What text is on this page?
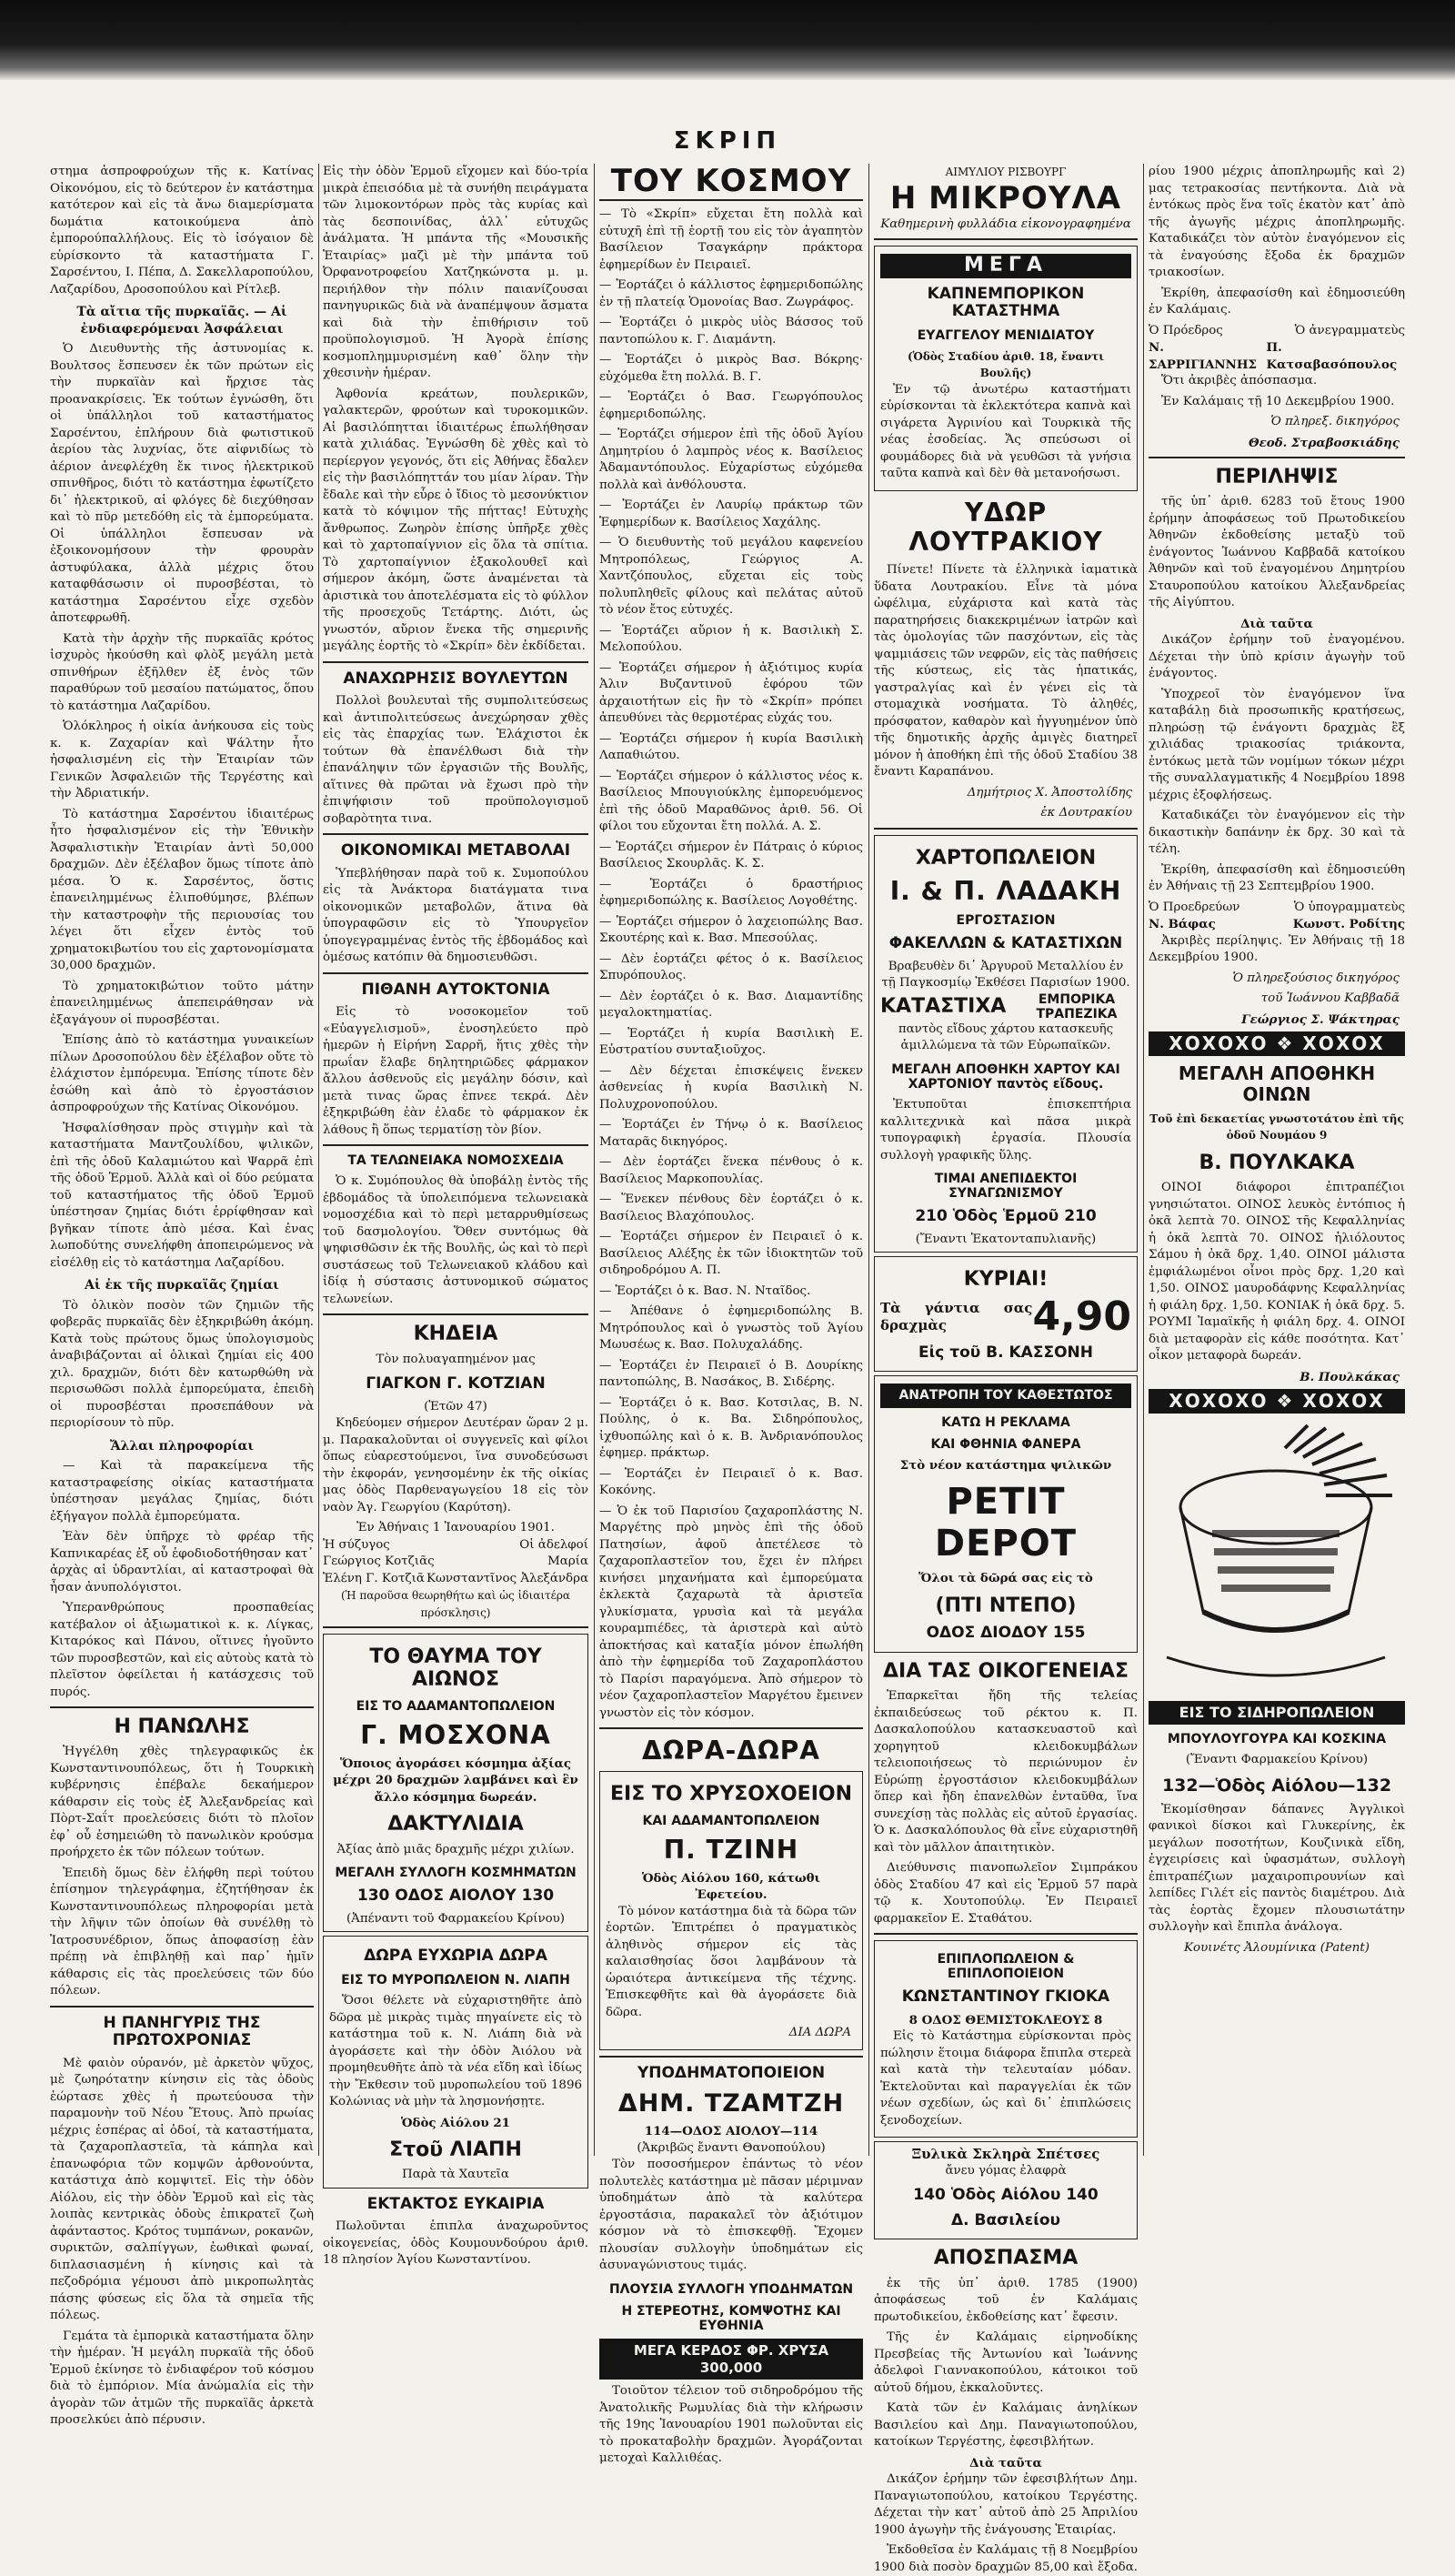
ΣΚΡΙΠ

στημα ἀσπροφρούχων τῆς κ. Κατίνας Οἰκονόμου, εἰς τὸ δεύτερον ἐν κατάστημα κατότερον καὶ εἰς τὰ ἄνω διαμερίσματα δωμάτια κατοικούμενα ἀπὸ ἐμπορούπαλλήλους. Εἰς τὸ ἰσόγαιον δὲ εὑρίσκοντο τὰ καταστήματα Γ. Σαρσέντου, Ι. Πέπα, Δ. Σακελλαροπούλου, Λαζαρίδου, Δροσοπούλου καὶ Ρίτλεβ.

Τὰ αἴτια τῆς πυρκαϊᾶς. — Αἱ ἐνδιαφερόμεναι Ἀσφάλειαι

Ὁ Διευθυντὴς τῆς ἀστυνομίας κ. Βουλτσος ἔσπευσεν ἐκ τῶν πρώτων εἰς τὴν πυρκαϊὰν καὶ ἤρχισε τὰς προανακρίσεις. Ἐκ τούτων ἐγνώσθη, ὅτι οἱ ὑπάλληλοι τοῦ καταστήματος Σαρσέντου, ἐπλήρουν διὰ φωτιστικοῦ ἀερίου τὰς λυχνίας, ὅτε αἰφνιδίως τὸ ἀέριον ἀνεφλέχθη ἔκ τινος ἠλεκτρικοῦ σπινθῆρος, διότι τὸ κατάστημα ἐφωτίζετο δι᾽ ἠλεκτρικοῦ, αἱ φλόγες δὲ διεχύθησαν καὶ τὸ πῦρ μετεδόθη εἰς τὰ ἐμπορεύματα. Οἱ ὑπάλληλοι ἔσπευσαν νὰ ἐξοικονομήσουν τὴν φρουρὰν ἀστυφύλακα, ἀλλὰ μέχρις ὅτου καταφθάσωσιν οἱ πυροσβέσται, τὸ κατάστημα Σαρσέντου εἶχε σχεδὸν ἀποτεφρωθῆ.

Κατὰ τὴν ἀρχὴν τῆς πυρκαϊᾶς κρότος ἰσχυρὸς ἠκούσθη καὶ φλὸξ μεγάλη μετὰ σπινθήρων ἐξῆλθεν ἐξ ἑνὸς τῶν παραθύρων τοῦ μεσαίου πατώματος, ὅπου τὸ κατάστημα Λαζαρίδου.

Ὁλόκληρος ἡ οἰκία ἀνήκουσα εἰς τοὺς κ. κ. Ζαχαρίαν καὶ Ψάλτην ἦτο ἠσφαλισμένη εἰς τὴν Ἑταιρίαν τῶν Γενικῶν Ἀσφαλειῶν τῆς Τεργέστης καὶ τὴν Ἀδριατικήν.

Τὸ κατάστημα Σαρσέντου ἰδιαιτέρως ἦτο ἠσφαλισμένον εἰς τὴν Ἐθνικὴν Ἀσφαλιστικὴν Ἑταιρίαν ἀντὶ 50,000 δραχμῶν. Δὲν ἐξέλαβον ὅμως τίποτε ἀπὸ μέσα. Ὁ κ. Σαρσέντος, ὅστις ἐπανειλημμένως ἐλιποθύμησε, βλέπων τὴν καταστροφὴν τῆς περιουσίας του λέγει ὅτι εἶχεν ἐντὸς τοῦ χρηματοκιβωτίου του εἰς χαρτονομίσματα 30,000 δραχμῶν.

Τὸ χρηματοκιβώτιον τοῦτο μάτην ἐπανειλημμένως ἀπεπειράθησαν νὰ ἐξαγάγουν οἱ πυροσβέσται.

Ἐπίσης ἀπὸ τὸ κατάστημα γυναικείων πίλων Δροσοπούλου δὲν ἐξέλαβον οὔτε τὸ ἐλάχιστον ἐμπόρευμα. Ἐπίσης τίποτε δὲν ἐσώθη καὶ ἀπὸ τὸ ἐργοστάσιον ἀσπροφρούχων τῆς Κατίνας Οἰκονόμου.

Ἠσφαλίσθησαν πρὸς στιγμὴν καὶ τὰ καταστήματα Μαντζουλίδου, ψιλικῶν, ἐπὶ τῆς ὁδοῦ Καλαμιώτου καὶ Ψαρρᾶ ἐπὶ τῆς ὁδοῦ Ἑρμοῦ. Ἀλλὰ καὶ οἱ δύο ρεύματα τοῦ καταστήματος τῆς ὁδοῦ Ἑρμοῦ ὑπέστησαν ζημίας διότι ἐρρίφθησαν καὶ βγῆκαν τίποτε ἀπὸ μέσα. Καὶ ἐνας λωποδύτης συνελήφθη ἀποπειρώμενος νὰ εἰσέλθῃ εἰς τὸ κατάστημα Λαζαρίδου.

Αἱ ἐκ τῆς πυρκαϊᾶς ζημίαι

Τὸ ὁλικὸν ποσὸν τῶν ζημιῶν τῆς φοβερᾶς πυρκαϊᾶς δὲν ἐξηκριβώθη ἀκόμη. Κατὰ τοὺς πρώτους ὅμως ὑπολογισμοὺς ἀναβιβάζονται αἱ ὁλικαὶ ζημίαι εἰς 400 χιλ. δραχμῶν, διότι δὲν κατωρθώθη νὰ περισωθῶσι πολλὰ ἐμπορεύματα, ἐπειδὴ οἱ πυροσβέσται προσεπάθουν νὰ περιορίσουν τὸ πῦρ.

Ἄλλαι πληροφορίαι

— Καὶ τὰ παρακείμενα τῆς καταστραφείσης οἰκίας καταστήματα ὑπέστησαν μεγάλας ζημίας, διότι ἐξήγαγον πολλὰ ἐμπορεύματα.

Ἐὰν δὲν ὑπῆρχε τὸ φρέαρ τῆς Καπνικαρέας ἐξ οὗ ἐφοδιοδοτήθησαν κατ᾽ ἀρχὰς αἱ ὑδραντλίαι, αἱ καταστροφαὶ θὰ ἦσαν ἀνυπολόγιστοι.

Ὑπερανθρώπους προσπαθείας κατέβαλον οἱ ἀξιωματικοὶ κ. κ. Λίγκας, Κιταρόκος καὶ Πάνου, οἵτινες ἠγοῦντο τῶν πυροσβεστῶν, καὶ εἰς αὐτοὺς κατὰ τὸ πλεῖστον ὀφείλεται ἡ κατάσχεσις τοῦ πυρός.

Η ΠΑΝΩΛΗΣ

Ἠγγέλθη χθὲς τηλεγραφικῶς ἐκ Κωνσταντινουπόλεως, ὅτι ἡ Τουρκικὴ κυβέρνησις ἐπέβαλε δεκαήμερον κάθαρσιν εἰς τοὺς ἐξ Ἀλεξανδρείας καὶ Πὸρτ-Σαΐτ προελεύσεις διότι τὸ πλοῖον ἐφ᾽ οὗ ἐσημειώθη τὸ πανωλικὸν κρούσμα προήρχετο ἐκ τῶν πόλεων τούτων.

Ἐπειδὴ ὅμως δὲν ἐλήφθη περὶ τούτου ἐπίσημον τηλεγράφημα, ἐζητήθησαν ἐκ Κωνσταντινουπόλεως πληροφορίαι μετὰ τὴν λῆψιν τῶν ὁποίων θὰ συνέλθῃ τὸ Ἰατροσυνέδριον, ὅπως ἀποφασίσῃ ἐὰν πρέπῃ νὰ ἐπιβληθῇ καὶ παρ᾽ ἡμῖν κάθαρσις εἰς τὰς προελεύσεις τῶν δύο πόλεων.

Η ΠΑΝΗΓΥΡΙΣ ΤΗΣ ΠΡΩΤΟΧΡΟΝΙΑΣ

Μὲ φαιὸν οὐρανόν, μὲ ἀρκετὸν ψῦχος, μὲ ζωηρότατην κίνησιν εἰς τὰς ὁδοὺς ἑώρτασε χθὲς ἡ πρωτεύουσα τὴν παραμονὴν τοῦ Νέου Ἔτους. Ἀπὸ πρωίας μέχρις ἑσπέρας αἱ ὁδοί, τὰ καταστήματα, τὰ ζαχαροπλαστεῖα, τὰ κάπηλα καὶ ἐπανωφόρια τῶν κομψῶν ἀρθονούντα, κατάστιχα ἀπὸ κομψιτεῖ. Εἰς τὴν ὁδὸν Αἰόλου, εἰς τὴν ὁδὸν Ἑρμοῦ καὶ εἰς τὰς λοιπὰς κεντρικὰς ὁδοὺς ἐπικρατεῖ ζωὴ ἀφάνταστος. Κρότος τυμπάνων, ροκανῶν, συρικτῶν, σαλπίγγων, ἐωθικαὶ φωναί, διπλασιασμένη ἡ κίνησις καὶ τὰ πεζοδρόμια γέμουσι ἀπὸ μικροπωλητὰς πάσης φύσεως εἰς ὅλα τὰ σημεῖα τῆς πόλεως.

Γεμάτα τὰ ἐμπορικὰ καταστήματα ὅλην τὴν ἡμέραν. Ἡ μεγάλη πυρκαϊὰ τῆς ὁδοῦ Ἑρμοῦ ἐκίνησε τὸ ἐνδιαφέρον τοῦ κόσμου διὰ τὸ ἐμπόριον. Μία ἀνώμαλία εἰς τὴν ἀγορὰν τῶν ἀτμῶν τῆς πυρκαϊᾶς ἀρκετὰ προσελκύει ἀπὸ πέρυσιν.

Εἰς τὴν ὁδὸν Ἑρμοῦ εἴχομεν καὶ δύο-τρία μικρὰ ἐπεισόδια μὲ τὰ συνήθη πειράγματα τῶν λιμοκοντόρων πρὸς τὰς κυρίας καὶ τὰς δεσποινίδας, ἀλλ᾽ εὐτυχῶς ἀνάλματα. Ἡ μπάντα τῆς «Μουσικῆς Ἑταιρίας» μαζὶ μὲ τὴν μπάντα τοῦ Ὀρφανοτροφείου Χατζηκώνστα μ. μ. περιήλθον τὴν πόλιν παιανίζουσαι πανηγυρικῶς διὰ νὰ ἀναπέμψουν ἄσματα καὶ διὰ τὴν ἐπιθήρισιν τοῦ προϋπολογισμοῦ. Ἡ Ἀγορὰ ἐπίσης κοσμοπλημμυρισμένη καθ᾽ ὅλην τὴν χθεσινὴν ἡμέραν.

Ἀφθονία κρεάτων, πουλερικῶν, γαλακτερῶν, φρούτων καὶ τυροκομικῶν. Αἱ βασιλόπητται ἰδιαιτέρως ἐπωλήθησαν κατὰ χιλιάδας. Ἐγνώσθη δὲ χθὲς καὶ τὸ περίεργον γεγονός, ὅτι εἰς Ἀθήνας ἔδαλεν εἰς τὴν βασιλόπηττάν του μίαν λίραν. Τὴν ἔδαλε καὶ τὴν εὗρε ὁ ἴδιος τὸ μεσονύκτιον κατὰ τὸ κόψιμον τῆς πήττας! Εὐτυχὴς ἄνθρωπος. Ζωηρὸν ἐπίσης ὑπῆρξε χθὲς καὶ τὸ χαρτοπαίγνιον εἰς ὅλα τὰ σπίτια. Τὸ χαρτοπαίγνιον ἐξακολουθεῖ καὶ σήμερον ἀκόμη, ὥστε ἀναμένεται τὰ ἀριστικὰ του ἀποτελέσματα εἰς τὸ φύλλον τῆς προσεχοῦς Τετάρτης. Διότι, ὡς γνωστόν, αὔριον ἕνεκα τῆς σημερινῆς μεγάλης ἑορτῆς τὸ «Σκρίπ» δὲν ἐκδίδεται.

ΑΝΑΧΩΡΗΣΙΣ ΒΟΥΛΕΥΤΩΝ

Πολλοὶ βουλευταὶ τῆς συμπολιτεύσεως καὶ ἀντιπολιτεύσεως ἀνεχώρησαν χθὲς εἰς τὰς ἐπαρχίας των. Ἐλάχιστοι ἐκ τούτων θὰ ἐπανέλθωσι διὰ τὴν ἐπανάληψιν τῶν ἐργασιῶν τῆς Βουλῆς, αἵτινες θὰ πρῶται νὰ ἔχωσι πρὸ τὴν ἐπιψήφισιν τοῦ προϋπολογισμοῦ σοβαρὸτητα τινα.

ΟΙΚΟΝΟΜΙΚΑΙ ΜΕΤΑΒΟΛΑΙ

Ὑπεβλήθησαν παρὰ τοῦ κ. Συμοπούλου εἰς τὰ Ἀνάκτορα διατάγματα τινα οἰκονομικῶν μεταβολῶν, ἅτινα θὰ ὑπογραφῶσιν εἰς τὸ Ὑπουργεῖον ὑπογεγραμμένας ἐντὸς τῆς ἑβδομάδος καὶ ὁμέσως κατόπιν θὰ δημοσιευθῶσι.

ΠΙΘΑΝΗ ΑΥΤΟΚΤΟΝΙΑ

Εἰς τὸ νοσοκομεῖον τοῦ «Εὐαγγελισμοῦ», ἐνοσηλεύετο πρὸ ἡμερῶν ἡ Εἰρήνη Σαρρῆ, ἥτις χθὲς τὴν πρωΐαν ἔλαβε δηλητηριῶδες φάρμακον ἄλλου ἀσθενοῦς εἰς μεγάλην δόσιν, καὶ μετὰ τινας ὥρας ἐπνεε τεκρά. Δὲν ἐξηκριβώθη ἐὰν ἐλαδε τὸ φάρμακον ἐκ λάθους ἢ ὅπως τερματίσῃ τὸν βίον.

ΤΑ ΤΕΛΩΝΕΙΑΚΑ ΝΟΜΟΣΧΕΔΙΑ

Ὁ κ. Συμόπουλος θὰ ὑποβάλῃ ἐντὸς τῆς ἑβδομάδος τὰ ὑπολειπόμενα τελωνειακὰ νομοσχέδια καὶ τὸ περὶ μεταρρυθμίσεως τοῦ δασμολογίου. Ὅθεν συντόμως θὰ ψηφισθῶσιν ἐκ τῆς Βουλῆς, ὡς καὶ τὸ περὶ συστάσεως τοῦ Τελωνειακοῦ κλάδου καὶ ἰδίᾳ ἡ σύστασις ἀστυνομικοῦ σώματος τελωνείων.

ΚΗΔΕΙΑ
Τὸν πολυαγαπημένον μας
ΓΙΑΓΚΟΝ Γ. ΚΟΤΖΙΑΝ
(Ἐτῶν 47)

Κηδεύομεν σήμερον Δευτέραν ὥραν 2 μ. μ. Παρακαλοῦνται οἱ συγγενεῖς καὶ φίλοι ὅπως εὐαρεστούμενοι, ἵνα συνοδεύσωσι τὴν ἐκφοράν, γενησομένην ἐκ τῆς οἰκίας μας ὁδὸς Παρθεναγωγείου 18 εἰς τὸν ναὸν Ἁγ. Γεωργίου (Καρύτση).

Ἐν Ἀθήναις 1 Ἰανουαρίου 1901.
Ἡ σύζυγος	Οἱ ἀδελφοί
Γεώργιος Κοτζιᾶς	Μαρία
Ἑλένη Γ. Κοτζιᾶ Κωνσταντῖνος Ἀλεξάνδρα
(Ἡ παροῦσα θεωρηθήτω καὶ ὡς ἰδιαιτέρα πρόσκλησις)
ΤΟ ΘΑΥΜΑ ΤΟΥ ΑΙΩΝΟΣ
ΕΙΣ ΤΟ ΑΔΑΜΑΝΤΟΠΩΛΕΙΟΝ
Γ. ΜΟΣΧΟΝΑ
Ὅποιος ἀγοράσει κόσμημα ἀξίας μέχρι 20 δραχμῶν λαμβάνει καὶ ἓν ἄλλο κόσμημα δωρεάν.
ΔΑΚΤΥΛΙΔΙΑ
Ἀξίας ἀπὸ μιᾶς δραχμῆς μέχρι χιλίων.
ΜΕΓΑΛΗ ΣΥΛΛΟΓΗ ΚΟΣΜΗΜΑΤΩΝ
130 ΟΔΟΣ ΑΙΟΛΟΥ 130
(Ἀπέναντι τοῦ Φαρμακείου Κρίνου)
ΔΩΡΑ ΕΥΧΩΡΙΑ ΔΩΡΑ
ΕΙΣ ΤΟ ΜΥΡΟΠΩΛΕΙΟΝ Ν. ΛΙΑΠΗ

Ὅσοι θέλετε νὰ εὐχαριστηθῆτε ἀπὸ δῶρα μὲ μικρὰς τιμὰς πηγαίνετε εἰς τὸ κατάστημα τοῦ κ. Ν. Λιάπη διὰ νὰ ἀγοράσετε καὶ τὴν ὁδὸν Ἀιόλου νὰ προμηθευθῆτε ἀπὸ τὰ νέα εἴδη καὶ ἰδίως τὴν Ἔκθεσιν τοῦ μυροπωλείου τοῦ 1896 Κολώνιας νὰ μὴν τὰ λησμονήσῃτε.

Ὁδὸς Αἰόλου 21
Στοῦ ΛΙΑΠΗ
Παρὰ τὰ Χαυτεῖα
ΕΚΤΑΚΤΟΣ ΕΥΚΑΙΡΙΑ

Πωλοῦνται ἐπιπλα ἀναχωροῦντος οἰκογενείας, ὁδὸς Κουμουνδούρου ἀριθ. 18 πλησίον Ἁγίου Κωνσταντίνου.

ΤΟΥ ΚΟΣΜΟΥ

— Τὸ «Σκρίπ» εὔχεται ἔτη πολλὰ καὶ εὐτυχῆ ἐπὶ τῇ ἑορτῇ του εἰς τὸν ἀγαπητὸν Βασίλειον Τσαγκάρην πράκτορα ἐφημερίδων ἐν Πειραιεῖ.

— Ἑορτάζει ὁ κάλλιστος ἐφημεριδοπώλης ἐν τῇ πλατείᾳ Ὁμονοίας Βασ. Ζωγράφος.

— Ἑορτάζει ὁ μικρὸς υἱὸς Βάσσος τοῦ παντοπώλου κ. Γ. Διαμάντη.

— Ἑορτάζει ὁ μικρὸς Βασ. Βόκρης· εὐχόμεθα ἔτη πολλά. Β. Γ.

— Ἑορτάζει ὁ Βασ. Γεωργόπουλος ἐφημεριδοπώλης.

— Ἑορτάζει σήμερον ἐπὶ τῆς ὁδοῦ Ἁγίου Δημητρίου ὁ λαμπρὸς νέος κ. Βασίλειος Ἀδαμαντόπουλος. Εὐχαρίστως εὐχόμεθα πολλὰ καὶ ἀνθόλουστα.

— Ἑορτάζει ἐν Λαυρίῳ πράκτωρ τῶν Ἐφημερίδων κ. Βασίλειος Χαχάλης.

— Ὁ διευθυντὴς τοῦ μεγάλου καφενείου Μητροπόλεως, Γεώργιος Α. Χαντζόπουλος, εὔχεται εἰς τοὺς πολυπληθεῖς φίλους καὶ πελάτας αὐτοῦ τὸ νέον ἔτος εὐτυχές.

— Ἑορτάζει αὔριον ἡ κ. Βασιλικὴ Σ. Μελοπούλου.

— Ἑορτάζει σήμερον ἡ ἀξιότιμος κυρία Ἀλιν Βυζαντινοῦ ἐφόρου τῶν ἀρχαιοτήτων εἰς ἣν τὸ «Σκρίπ» πρόπει ἀπευθύνει τὰς θερμοτέρας εὐχάς του.

— Ἑορτάζει σήμερον ἡ κυρία Βασιλικὴ Λαπαθιώτου.

— Ἑορτάζει σήμερον ὁ κάλλιστος νέος κ. Βασίλειος Μπουγιούκλης ἐμπορευόμενος ἐπὶ τῆς ὁδοῦ Μαραθῶνος ἀριθ. 56. Οἱ φίλοι του εὔχονται ἔτη πολλά. Α. Σ.

— Ἑορτάζει σήμερον ἐν Πάτραις ὁ κύριος Βασίλειος Σκουρλᾶς. Κ. Σ.

— Ἑορτάζει ὁ δραστήριος ἐφημεριδοπώλης κ. Βασίλειος Λογοθέτης.

— Ἑορτάζει σήμερον ὁ λαχειοπώλης Βασ. Σκουτέρης καὶ κ. Βασ. Μπεσούλας.

— Δὲν ἑορτάζει φέτος ὁ κ. Βασίλειος Σπυρόπουλος.

— Δὲν ἑορτάζει ὁ κ. Βασ. Διαμαντίδης μεγαλοκτηματίας.

— Ἑορτάζει ἡ κυρία Βασιλικὴ Ε. Εὐστρατίου συνταξιοῦχος.

— Δὲν δέχεται ἐπισκέψεις ἕνεκεν ἀσθενείας ἡ κυρία Βασιλικὴ Ν. Πολυχρονοπούλου.

— Ἑορτάζει ἐν Τήνῳ ὁ κ. Βασίλειος Ματαρᾶς δικηγόρος.

— Δὲν ἑορτάζει ἕνεκα πένθους ὁ κ. Βασίλειος Μαρκοπουλίας.

— Ἕνεκεν πένθους δὲν ἑορτάζει ὁ κ. Βασίλειος Βλαχόπουλος.

— Ἑορτάζει σήμερον ἐν Πειραιεῖ ὁ κ. Βασίλειος Αλέξης ἐκ τῶν ἰδιοκτητῶν τοῦ σιδηροδρόμου Α. Π.

— Ἑορτάζει ὁ κ. Βασ. Ν. Νταῖδος.

— Ἀπέθανε ὁ ἐφημεριδοπώλης Β. Μητρόπουλος καὶ ὁ γνωστὸς τοῦ Ἁγίου Μωυσέως κ. Βασ. Πολυχαλάδης.

— Ἑορτάζει ἐν Πειραιεῖ ὁ Β. Δουρίκης παντοπώλης, Β. Νασάκος, Β. Σιδέρης.

— Ἑορτάζει ὁ κ. Βασ. Κοτσιλας, Β. Ν. Πούλης, ὁ κ. Βα. Σιδηρόπουλος, ἰχθυοπώλης καὶ ὁ κ. Β. Ἀνδριανόπουλος ἐφημερ. πράκτωρ.

— Ἑορτάζει ἐν Πειραιεῖ ὁ κ. Βασ. Κοκόνης.

— Ὁ ἐκ τοῦ Παρισίου ζαχαροπλάστης Ν. Μαργέτης πρὸ μηνὸς ἐπὶ τῆς ὁδοῦ Πατησίων, ἀφοῦ ἀπετέλεσε τὸ ζαχαροπλαστεῖον του, ἔχει ἐν πλήρει κινήσει μηχανήματα καὶ ἐμπορεύματα ἐκλεκτὰ ζαχαρωτὰ τὰ ἀριστεῖα γλυκίσματα, γρυσὶα καὶ τὰ μεγάλα κουραμπιέδες, τὰ ἀριστερὰ καὶ αὐτὸ ἀποκτήσας καὶ καταξία μόνον ἐπωλήθη ἀπὸ τὴν ἐφημερίδα τοῦ Ζαχαροπλάστου τὸ Παρίσι παραγόμενα. Ἀπὸ σήμερον τὸ νέον ζαχαροπλαστεῖον Μαργέτου ἔμεινεν γνωστὸν εἰς τὸν κόσμον.

ΔΩΡΑ-ΔΩΡΑ
ΕΙΣ ΤΟ ΧΡΥΣΟΧΟΕΙΟΝ
ΚΑΙ ΑΔΑΜΑΝΤΟΠΩΛΕΙΟΝ
Π. ΤΖΙΝΗ
Ὁδὸς Αἰόλου 160, κάτωθι Ἐφετείου.

Τὸ μόνον κατάστημα διὰ τὰ δῶρα τῶν ἑορτῶν. Ἐπιτρέπει ὁ πραγματικὸς ἀληθινὸς σήμερον εἰς τὰς καλαισθησίας ὅσοι λαμβάνουν τὰ ὡραιότερα ἀντικείμενα τῆς τέχνης. Ἐπισκεφθῆτε καὶ θὰ ἀγοράσετε διὰ δῶρα.

ΔΙΑ ΔΩΡΑ
ΥΠΟΔΗΜΑΤΟΠΟΙΕΙΟΝ
ΔΗΜ. ΤΖΑΜΤΖΗ
114—ΟΔΟΣ ΑΙΟΛΟΥ—114
(Ἀκριβῶς ἔναντι Θανοπούλου)

Τὸν ποσοσήμερον ἐπάντως τὸ νέον πολυτελὲς κατάστημα μὲ πᾶσαν μέριμναν ὑποδημάτων ἀπὸ τὰ καλύτερα ἐργοστάσια, παρακαλεῖ τὸν ἀξιότιμον κόσμον νὰ τὸ ἐπισκεφθῇ. Ἔχομεν πλουσίαν συλλογὴν ὑποδημάτων εἰς ἀσυναγώνιστους τιμάς.

ΠΛΟΥΣΙΑ ΣΥΛΛΟΓΗ ΥΠΟΔΗΜΑΤΩΝ
Η ΣΤΕΡΕΟΤΗΣ, ΚΟΜΨΟΤΗΣ ΚΑΙ ΕΥΘΗΝΙΑ
ΜΕΓΑ ΚΕΡΔΟΣ ΦΡ. ΧΡΥΣΑ 300,000

Τοιοῦτον τέλειον τοῦ σιδηροδρόμου τῆς Ἀνατολικῆς Ρωμυλίας διὰ τὴν κλήρωσιν τῆς 19ης Ἰανουαρίου 1901 πωλοῦνται εἰς τὸ προκαταβολὴν δραχμῶν. Ἀγοράζονται μετοχαὶ Καλλιθέας.

ΑΙΜΥΛΙΟΥ ΡΙΣΒΟΥΡΓ
Η ΜΙΚΡΟΥΛΑ
Καθημερινὴ φυλλάδια εἰκονογραφημένα
ΜΕΓΑ
ΚΑΠΝΕΜΠΟΡΙΚΟΝ ΚΑΤΑΣΤΗΜΑ
ΕΥΑΓΓΕΛΟΥ ΜΕΝΙΔΙΑΤΟΥ
(Ὁδὸς Σταδίου ἀριθ. 18, ἔναντι Βουλῆς)

Ἐν τῷ ἀνωτέρω καταστήματι εὑρίσκονται τὰ ἐκλεκτότερα καπνὰ καὶ σιγάρετα Ἀγρινίου καὶ Τουρκικὰ τῆς νέας ἐσοδείας. Ἄς σπεύσωσι οἱ φουμάδορες διὰ νὰ γευθῶσι τὰ γνήσια ταῦτα καπνὰ καὶ δὲν θὰ μετανοήσωσι.

ΥΔΩΡ ΛΟΥΤΡΑΚΙΟΥ

Πίνετε! Πίνετε τὰ ἑλληνικὰ ἰαματικὰ ὕδατα Λουτρακίου. Εἶνε τὰ μόνα ὠφέλιμα, εὐχάριστα καὶ κατὰ τὰς παρατηρήσεις διακεκριμένων ἰατρῶν καὶ τὰς ὁμολογίας τῶν πασχόντων, εἰς τὰς ψαμμιάσεις τῶν νεφρῶν, εἰς τὰς παθήσεις τῆς κύστεως, εἰς τὰς ἡπατικάς, γαστραλγίας καὶ ἐν γένει εἰς τὰ στομαχικὰ νοσήματα. Τὸ ἀληθές, πρόσφατον, καθαρὸν καὶ ἠγγυημένον ὑπὸ τῆς δημοτικῆς ἀρχῆς ἀμιγὲς διατηρεῖ μόνον ἡ ἀποθήκη ἐπὶ τῆς ὁδοῦ Σταδίου 38 ἔναντι Καραπάνου.

Δημήτριος Χ. Ἀποστολίδης
ἐκ Δουτρακίου
ΧΑΡΤΟΠΩΛΕΙΟΝ
Ι. & Π. ΛΑΔΑΚΗ
ΕΡΓΟΣΤΑΣΙΟΝ
ΦΑΚΕΛΛΩΝ & ΚΑΤΑΣΤΙΧΩΝ
Βραβευθὲν δι᾽ Ἀργυροῦ Μεταλλίου ἐν τῇ Παγκοσμίῳ Ἐκθέσει Παρισίων 1900.
ΚΑΤΑΣΤΙΧΑ	ΕΜΠΟΡΙΚΑ ΤΡΑΠΕΖΙΚΑ
παντὸς εἴδους χάρτου κατασκευῆς ἀμιλλώμενα τὰ τῶν Εὐρωπαϊκῶν.
ΜΕΓΑΛΗ ΑΠΟΘΗΚΗ ΧΑΡΤΟΥ ΚΑΙ ΧΑΡΤΟΝΙΟΥ παντὸς εἴδους.

Ἐκτυποῦται ἐπισκεπτήρια καλλιτεχνικὰ καὶ πᾶσα μικρὰ τυπογραφικὴ ἐργασία. Πλουσία συλλογὴ γραφικῆς ὕλης.

ΤΙΜΑΙ ΑΝΕΠΙΔΕΚΤΟΙ ΣΥΝΑΓΩΝΙΣΜΟΥ
210 Ὁδὸς Ἑρμοῦ 210
(Ἔναντι Ἐκατονταπυλιανῆς)
ΚΥΡΙΑΙ!
Τὰ γάντια σας δραχμὰς	4,90
Εἰς τοῦ Β. ΚΑΣΣΟΝΗ
ΑΝΑΤΡΟΠΗ ΤΟΥ ΚΑΘΕΣΤΩΤΟΣ
ΚΑΤΩ Η ΡΕΚΛΑΜΑ
ΚΑΙ ΦΘΗΝΙΑ ΦΑΝΕΡΑ
Στὸ νέον κατάστημα ψιλικῶν
PETIT DEPOT
Ὅλοι τὰ δῶρά σας εἰς τὸ
(ΠΤΙ ΝΤΕΠΟ)
ΟΔΟΣ ΔΙΟΔΟΥ 155
ΔΙΑ ΤΑΣ ΟΙΚΟΓΕΝΕΙΑΣ

Ἐπαρκεῖται ἤδη τῆς τελείας ἐκπαιδεύσεως τοῦ ρέκτου κ. Π. Δασκαλοπούλου κατασκευαστοῦ καὶ χορηγητοῦ κλειδοκυμβάλων τελειοποιήσεως τὸ περιώνυμον ἐν Εὐρώπῃ ἐργοστάσιον κλειδοκυμβάλων ὅπερ καὶ ἤδη ἐπανελθὼν ἐνταῦθα, ἵνα συνεχίσῃ τὰς πολλὰς εἰς αὐτοῦ ἐργασίας. Ὁ κ. Δασκαλόπουλος θὰ εἶνε εὐχαριστηθῆ καὶ τὸν μᾶλλον ἀπαιτητικὸν.

Διεύθυνσις πιανοπωλεῖον Σιμπράκου ὁδὸς Σταδίου 47 καὶ εἰς Ἑρμοῦ 57 παρὰ τῷ κ. Χουτοπούλῳ. Ἐν Πειραιεῖ φαρμακεῖον Ε. Σταθάτου.

ΕΠΙΠΛΟΠΩΛΕΙΟΝ & ΕΠΙΠΛΟΠΟΙΕΙΟΝ
ΚΩΝΣΤΑΝΤΙΝΟΥ ΓΚΙΟΚΑ
8 ΟΔΟΣ ΘΕΜΙΣΤΟΚΛΕΟΥΣ 8

Εἰς τὸ Κατάστημα εὑρίσκονται πρὸς πώλησιν ἕτοιμα διάφορα ἔπιπλα στερεὰ καὶ κατὰ τὴν τελευταίαν μόδαν. Ἐκτελοῦνται καὶ παραγγελίαι ἐκ τῶν νέων σχεδίων, ὡς καὶ δι᾽ ἐπιπλώσεις ξενοδοχείων.

Ξυλικὰ Σκληρὰ Σπέτσες
ἄνευ γόμας ἐλαφρὰ
140 Ὁδὸς Αἰόλου 140
Δ. Βασιλείου
ΑΠΟΣΠΑΣΜΑ

ἐκ τῆς ὑπ᾽ ἀριθ. 1785 (1900) ἀποφάσεως τοῦ ἐν Καλάμαις πρωτοδικείου, ἐκδοθείσης κατ᾽ ἔφεσιν.

Τῆς ἐν Καλάμαις εἰρηνοδίκης Πρεσβείας τῆς Ἀντωνίου καὶ Ἰωάννης ἀδελφοὶ Γιαννακοπούλου, κάτοικοι τοῦ αὐτοῦ δήμου, ἐκκαλοῦντες.

Κατὰ τῶν ἐν Καλάμαις ἀνηλίκων Βασιλείου καὶ Δημ. Παναγιωτοπούλου, κατοίκων Τεργέστης, ἐφεσιβλήτων.

Διὰ ταῦτα

Δικάζον ἐρήμην τῶν ἐφεσιβλήτων Δημ. Παναγιωτοπούλου, κατοίκου Τεργέστης. Δέχεται τὴν κατ᾽ αὐτοῦ ἀπὸ 25 Ἀπριλίου 1900 ἀγωγὴν τῆς ἐνάγουσης Ἑταιρίας.

Ἐκδοθεῖσα ἐν Καλάμαις τῇ 8 Νοεμβρίου 1900 διὰ ποσὸν δραχμῶν 85,00 καὶ ἔξοδα.

ρίου 1900 μέχρις ἀποπληρωμῆς καὶ 2) μας τετρακοσίας πεντήκοντα. Διὰ νὰ ἐντόκως πρὸς ἕνα τοῖς ἑκατὸν κατ᾽ ἀπὸ τῆς ἀγωγῆς μέχρις ἀποπληρωμῆς. Καταδικάζει τὸν αὐτὸν ἐναγόμενον εἰς τὰ ἐναγούσης ἔξοδα ἐκ δραχμῶν τριακοσίων.

Ἐκρίθη, ἀπεφασίσθη καὶ ἐδημοσιεύθη ἐν Καλάμαις.

Ὁ Πρόεδρος	Ὁ ἀνεγραμματεὺς
Ν. ΣΑΡΡΙΓΙΑΝΝΗΣ
Π. Κατσαβασόπουλος

Ὅτι ἀκριβὲς ἀπόσπασμα.

Ἐν Καλάμαις τῇ 10 Δεκεμβρίου 1900.

Ὁ πληρεξ. δικηγόρος
Θεοδ. Στραβοσκιάδης
ΠΕΡΙΛΗΨΙΣ

τῆς ὑπ᾽ ἀριθ. 6283 τοῦ ἔτους 1900 ἐρήμην ἀποφάσεως τοῦ Πρωτοδικείου Ἀθηνῶν ἐκδοθείσης μεταξὺ τοῦ ἐνάγοντος Ἰωάννου Καββαδᾶ κατοίκου Ἀθηνῶν καὶ τοῦ ἐναγομένου Δημητρίου Σταυροπούλου κατοίκου Ἀλεξανδρείας τῆς Αἰγύπτου.

Διὰ ταῦτα

Δικάζον ἐρήμην τοῦ ἐναγομένου. Δέχεται τὴν ὑπὸ κρίσιν ἀγωγὴν τοῦ ἐνάγοντος.

Ὑποχρεοῖ τὸν ἐναγόμενον ἵνα καταβάλῃ διὰ προσωπικῆς κρατήσεως, πληρώσῃ τῷ ἐνάγοντι δραχμὰς ἓξ χιλιάδας τριακοσίας τριάκοντα, ἐντόκως μετὰ τῶν νομίμων τόκων μέχρι τῆς συναλλαγματικῆς 4 Νοεμβρίου 1898 μέχρις ἐξοφλήσεως.

Καταδικάζει τὸν ἐναγόμενον εἰς τὴν δικαστικὴν δαπάνην ἐκ δρχ. 30 καὶ τὰ τέλη.

Ἐκρίθη, ἀπεφασίσθη καὶ ἐδημοσιεύθη ἐν Ἀθήναις τῇ 23 Σεπτεμβρίου 1900.

Ὁ Προεδρεύων	Ὁ ὑπογραμματεὺς
Ν. Βάφας	Κωνστ. Ροδίτης

Ἀκριβὲς περίληψις. Ἐν Ἀθήναις τῇ 18 Δεκεμβρίου 1900.

Ὁ πληρεξούσιος δικηγόρος
τοῦ Ἰωάννου Καββαδᾶ
Γεώργιος Σ. Ψάκτηρας
ΧΟΧΟΧΟ ❖ ΧΟΧΟΧ
ΜΕΓΑΛΗ ΑΠΟΘΗΚΗ ΟΙΝΩΝ
Τοῦ ἐπὶ δεκαετίας γνωστοτάτου ἐπὶ τῆς ὁδοῦ Νουμάου 9
Β. ΠΟΥΛΚΑΚΑ

ΟΙΝΟΙ διάφοροι ἐπιτραπέζιοι γνησιώτατοι. ΟΙΝΟΣ λευκὸς ἐντόπιος ἡ ὀκᾶ λεπτὰ 70. ΟΙΝΟΣ τῆς Κεφαλληνίας ἡ ὀκᾶ λεπτὰ 70. ΟΙΝΟΣ ἡλιόλουτος Σάμου ἡ ὀκᾶ δρχ. 1,40. ΟΙΝΟΙ μάλιστα ἐμφιάλωμένοι οἶνοι πρὸς δρχ. 1,20 καὶ 1,50. ΟΙΝΟΣ μαυροδάφνης Κεφαλληνίας ἡ φιάλη δρχ. 1,50. ΚΟΝΙΑΚ ἡ ὀκᾶ δρχ. 5. ΡΟΥΜΙ Ἰαμαϊκῆς ἡ φιάλη δρχ. 4. ΟΙΝΟΙ διὰ μεταφορὰν εἰς κάθε ποσότητα. Κατ᾽ οἶκον μεταφορὰ δωρεάν.

Β. Πουλκάκας
ΧΟΧΟΧΟ ❖ ΧΟΧΟΧ
ΕΙΣ ΤΟ ΣΙΔΗΡΟΠΩΛΕΙΟΝ
ΜΠΟΥΛΟΥΓΟΥΡΑ ΚΑΙ ΚΟΣΚΙΝΑ
(Ἔναντι Φαρμακείου Κρίνου)
132—Ὁδὸς Αἰόλου—132

Ἐκομίσθησαν δάπανες Ἀγγλικοὶ φανικοὶ δίσκοι καὶ Γλυκερίνης, ἐκ μεγάλων ποσοτήτων, Κουζινικὰ εἴδη, ἐγχειρίσεις καὶ ὑφασμάτων, συλλογὴ ἐπιτραπέζιων μαχαιροπιρουνίων καὶ λεπίδες Γιλέτ εἰς παντὸς διαμέτρου. Διὰ τὰς ἑορτὰς ἔχομεν πλουσιωτάτην συλλογὴν καὶ ἔπιπλα ἀνάλογα.

Κουινέτς Ἀλουμίνικα (Patent)
